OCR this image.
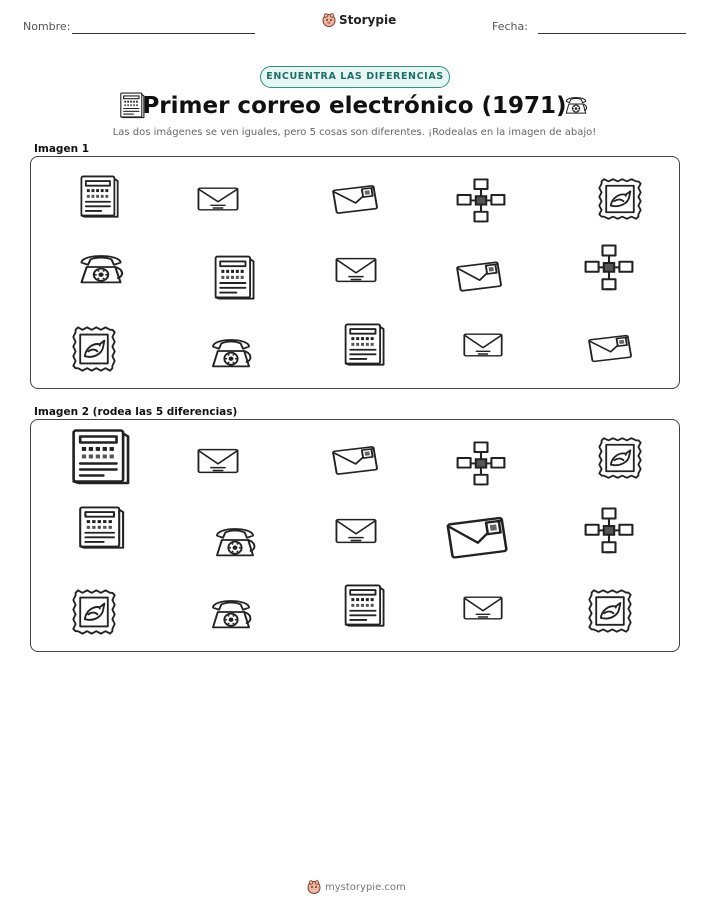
Nombre:	Storypie	Fecha:
ENCUENTRA LAS DIFERENCIAS
Primer correo electrónico (1971)
Las dos imágenes se ven iguales, pero 5 cosas son diferentes. ¡Rodealas en la imagen de abajo!
Imagen 1
Imagen 2 (rodea las 5 diferencias)
mystorypie.com
